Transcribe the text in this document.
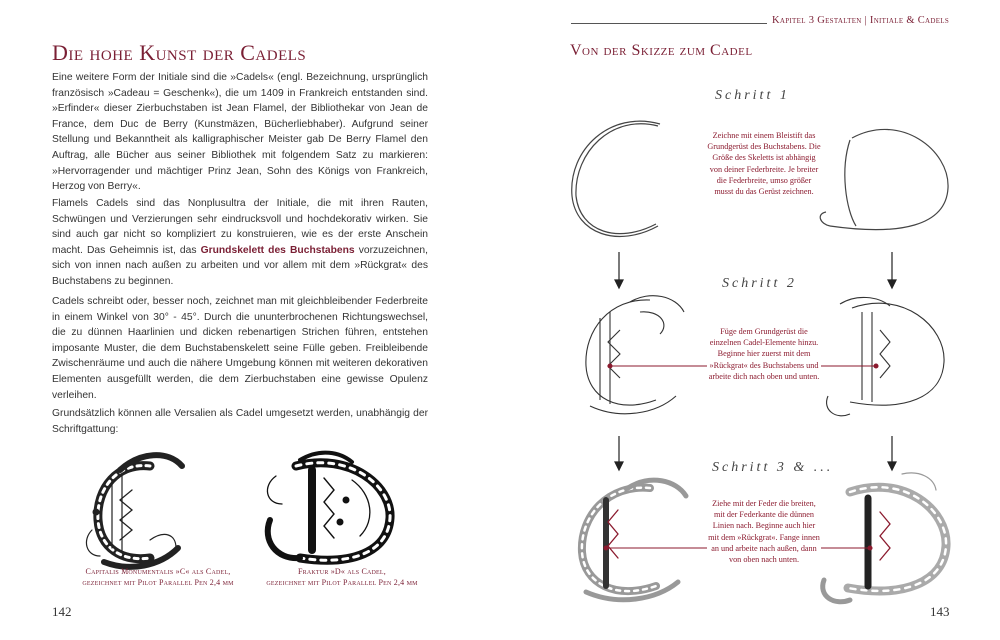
Die hohe Kunst der Cadels

Eine weitere Form der Initiale sind die »Cadels« (engl. Bezeichnung, ursprünglich französisch »Cadeau = Geschenk«), die um 1409 in Frankreich entstanden sind. »Erfinder« dieser Zierbuchstaben ist Jean Flamel, der Bibliothekar von Jean de France, dem Duc de Berry (Kunstmäzen, Bücherliebhaber). Aufgrund seiner Stellung und Bekanntheit als kalligraphischer Meister gab De Berry Flamel den Auftrag, alle Bücher aus seiner Bibliothek mit folgendem Satz zu markieren: »Hervorragender und mächtiger Prinz Jean, Sohn des Königs von Frankreich, Herzog von Berry«.

Flamels Cadels sind das Nonplusultra der Initiale, die mit ihren Rauten, Schwüngen und Verzierungen sehr eindrucksvoll und hochdekorativ wirken. Sie sind auch gar nicht so kompliziert zu konstruieren, wie es der erste Anschein macht. Das Geheimnis ist, das Grundskelett des Buchstabens vorzuzeichnen, sich von innen nach außen zu arbeiten und vor allem mit dem »Rückgrat« des Buchstabens zu beginnen.

Cadels schreibt oder, besser noch, zeichnet man mit gleichbleibender Federbreite in einem Winkel von 30° - 45°. Durch die ununterbrochenen Richtungswechsel, die zu dünnen Haarlinien und dicken rebenartigen Strichen führen, entstehen imposante Muster, die dem Buchstabenskelett seine Fülle geben. Freibleibende Zwischenräume und auch die nähere Umgebung können mit weiteren dekorativen Elementen ausgefüllt werden, die dem Zierbuchstaben eine gewisse Opulenz verleihen.

Grundsätzlich können alle Versalien als Cadel umgesetzt werden, unabhängig der Schriftgattung:

Capitalis Monumentalis »C« als Cadel,
gezeichnet mit Pilot Parallel Pen 2,4 mm
Fraktur »D« als Cadel,
gezeichnet mit Pilot Parallel Pen 2,4 mm
142
Kapitel 3 Gestalten | Initiale & Cadels
Von der Skizze zum Cadel
Schritt 1
Schritt 2
Schritt 3 & ...
Zeichne mit einem Bleistift das Grundgerüst des Buchstabens. Die Größe des Skeletts ist abhängig von deiner Federbreite. Je breiter die Federbreite, umso größer musst du das Gerüst zeichnen.
Füge dem Grundgerüst die einzelnen Cadel-Elemente hinzu. Beginne hier zuerst mit dem »Rückgrat« des Buchstabens und arbeite dich nach oben und unten.
Ziehe mit der Feder die breiten, mit der Federkante die dünnen Linien nach. Beginne auch hier mit dem »Rückgrat«. Fange innen an und arbeite nach außen, dann von oben nach unten.
143
